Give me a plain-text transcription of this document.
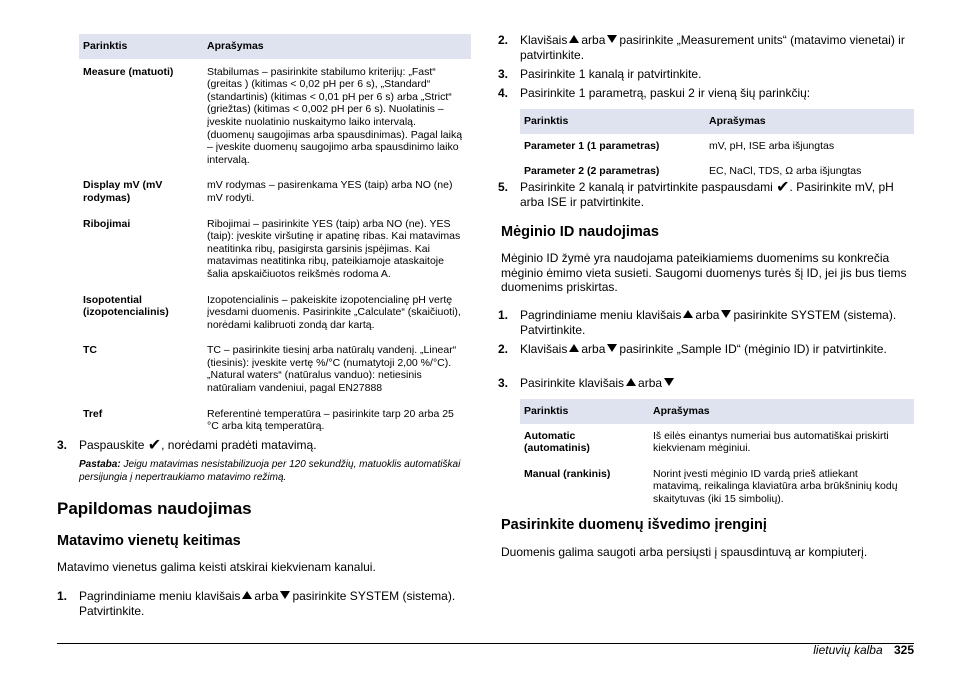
Parinktis	Aprašymas
Measure (matuoti)	Stabilumas – pasirinkite stabilumo kriterijų: „Fast“ (greitas ) (kitimas < 0,02 pH per 6 s), „Standard“ (standartinis) (kitimas < 0,01 pH per 6 s) arba „Strict“ (griežtas) (kitimas < 0,002 pH per 6 s). Nuolatinis – įveskite nuolatinio nuskaitymo laiko intervalą. (duomenų saugojimas arba spausdinimas). Pagal laiką – įveskite duomenų saugojimo arba spausdinimo laiko intervalą.
Display mV (mV rodymas)	mV rodymas – pasirenkama YES (taip) arba NO (ne) mV rodyti.
Ribojimai	Ribojimai – pasirinkite YES (taip) arba NO (ne). YES (taip): įveskite viršutinę ir apatinę ribas. Kai matavimas neatitinka ribų, pasigirsta garsinis įspėjimas. Kai matavimas neatitinka ribų, pateikiamoje ataskaitoje šalia apskaičiuotos reikšmės rodoma A.
Isopotential (izopotencialinis)	Izopotencialinis – pakeiskite izopotencialinę pH vertę įvesdami duomenis. Pasirinkite „Calculate“ (skaičiuoti), norėdami kalibruoti zondą dar kartą.
TC	TC – pasirinkite tiesinį arba natūralų vandenį. „Linear“ (tiesinis): įveskite vertę %/°C (numatytoji 2,00 %/°C). „Natural waters“ (natūralus vanduo): netiesinis natūraliam vandeniui, pagal EN27888
Tref	Referentinė temperatūra – pasirinkite tarp 20 arba 25 °C arba kitą temperatūrą.
3. Paspauskite ✔, norėdami pradėti matavimą.
Pastaba: Jeigu matavimas nesistabilizuoja per 120 sekundžių, matuoklis automatiškai persijungia į nepertraukiamo matavimo režimą.
Papildomas naudojimas
Matavimo vienetų keitimas

Matavimo vienetus galima keisti atskirai kiekvienam kanalui.

1. Pagrindiniame meniu klavišais arba pasirinkite SYSTEM (sistema). Patvirtinkite.
2. Klavišais arba pasirinkite „Measurement units“ (matavimo vienetai) ir patvirtinkite.
3. Pasirinkite 1 kanalą ir patvirtinkite.
4. Pasirinkite 1 parametrą, paskui 2 ir vieną šių parinkčių:
Parinktis	Aprašymas
Parameter 1 (1 parametras)	mV, pH, ISE arba išjungtas
Parameter 2 (2 parametras)	EC, NaCl, TDS, Ω arba išjungtas
5. Pasirinkite 2 kanalą ir patvirtinkite paspausdami ✔. Pasirinkite mV, pH arba ISE ir patvirtinkite.
Mėginio ID naudojimas

Mėginio ID žymė yra naudojama pateikiamiems duomenims su konkrečia mėginio ėmimo vieta susieti. Saugomi duomenys turės šį ID, jei jis bus tiems duomenims priskirtas.

1. Pagrindiniame meniu klavišais arba pasirinkite SYSTEM (sistema). Patvirtinkite.
2. Klavišais arba pasirinkite „Sample ID“ (mėginio ID) ir patvirtinkite.
3. Pasirinkite klavišais arba
Parinktis	Aprašymas
Automatic (automatinis)	Iš eilės einantys numeriai bus automatiškai priskirti kiekvienam mėginiui.
Manual (rankinis)	Norint įvesti mėginio ID vardą prieš atliekant matavimą, reikalinga klaviatūra arba brūkšninių kodų skaitytuvas (iki 15 simbolių).
Pasirinkite duomenų išvedimo įrenginį

Duomenis galima saugoti arba persiųsti į spausdintuvą ar kompiuterį.

lietuvių kalba 325
